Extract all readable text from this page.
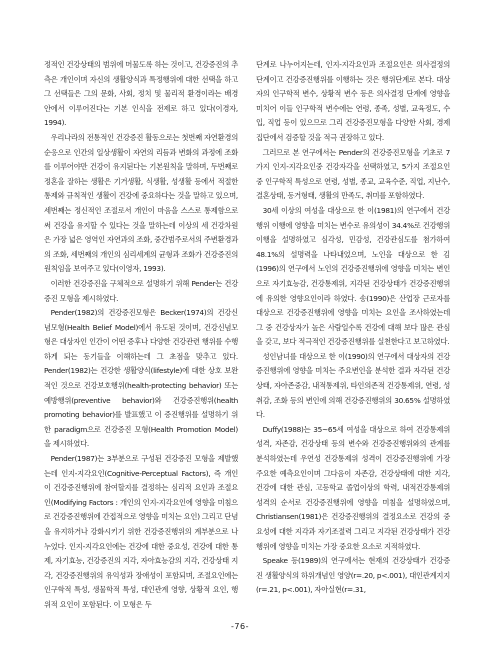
정적인 건강상태의 범위에 머물도록 하는 것이고, 건강증진의 추측은 개인이며 자신의 생활양식과 특정행위에 대한 선택을 하고 그 선택들은 그의 문화, 사회, 정치 및 물리적 환경이라는 배경 안에서 이루어진다는 기본 인식을 전제로 하고 있다(이경자, 1994).

우리나라의 전통적인 건강증진 활동으로는 첫번째 자연환경의 순응으로 인간의 일상생활이 자연의 리듬과 변화의 과정에 조화를 이루어야만 건강이 유지된다는 기본원칙을 말하며, 두번째로 정혼을 잘하는 생활은 기거생활, 식생활, 성생활 등에서 적절한 통제와 규칙적인 생활이 건강에 중요하다는 것을 말하고 있으며, 세번째는 정신적인 조절로서 개인이 마음을 스스로 통제함으로써 건강을 유지할 수 있다는 것을 말하는데 이상의 세 건강차원은 가장 넓은 영역인 자연과의 조화, 중간범주로서의 주변환경과의 조화, 세번째의 개인의 심리세계의 균형과 조화가 건강증진의 원칙임을 보여주고 있다(이영자, 1993).

이러한 건강증진을 구체적으로 설명하기 위해 Pender는 건강증진 모형을 제시하였다.

Pender(1982)의 건강증진모형은 Becker(1974)의 건강신념모형(Health Belief Model)에서 유도된 것이며, 건강신념모형은 대상자인 인간이 어떤 증후나 다양한 건강관련 행위를 수행하게 되는 동기들을 이해하는데 그 초점을 맞추고 있다. Pender(1982)는 건강한 생활양식(lifestyle)에 대한 상호 보완적인 것으로 건강보호행위(health-protecting behavior) 또는 예방행위(preventive behavior)와 건강증진행위(health promoting behavior)를 발표했고 이 증진행위를 설명하기 위한 paradigm으로 건강증진 모형(Health Promotion Model)을 제시하였다.

Pender(1987)는 3부분으로 구성된 건강증진 모형을 제발했는데 인지-지각요인(Cognitive-Perceptual Factors), 즉 개인이 건강증진행위에 참여할지를 결정하는 심리적 요인과 조절요인(Modifying Factors : 개인의 인지-지각요인에 영향을 미침으로 건강증진행위에 간접적으로 영향을 미치는 요인) 그리고 단념을 유지하거나 강화시키기 위한 건강증진행위의 계부분으로 나누었다. 인지-지각요인에는 건강에 대한 중요성, 건강에 대한 통제, 자기효능, 건강증진의 지각, 자아효능감의 지각, 건강상태 지각, 건강증진행위의 유익성과 장애성이 포함되며, 조절요인에는 인구학적 특성, 생물학적 특성, 대인관계 영향, 상황적 요인, 행위적 요인이 포함된다. 이 모형은 두

단계로 나누어지는데, 인지-지각요인과 조절요인은 의사결정의 단계이고 건강증진행위를 이행하는 것은 행위단계로 본다. 대상자의 인구학적 변수, 상황적 변수 등은 의사결정 단계에 영향을 미치어 이들 인구학적 변수에는 연령, 종족, 성별, 교육정도, 수입, 직업 등이 있으므로 그리 건강증진모형을 다양한 사회, 경제 집단에서 검증할 것을 적극 권장하고 있다.

그러므로 본 연구에서는 Pender의 건강증진모형을 기초로 7가지 인지-지각요인중 건강자각을 선택하였고, 5가지 조절요인중 인구학적 특성으로 연령, 성별, 종교, 교육수준, 직업, 지난수, 결혼상태, 동거형태, 생활의 만족도, 취미를 포함하였다.

30세 이상의 여성을 대상으로 한 이(1981)의 연구에서 건강행위 이행에 영향을 미치는 변수로 유의성이 34.4%로 건강행위 이행을 설명하였고 심각성, 민감성, 건강관심도를 첨가하여 48.1%의 설명력을 나타내었으며, 노인을 대상으로 한 김(1996)의 연구에서 노인의 건강증진행위에 영향을 미치는 변인으로 자기효능감, 건강통제위, 지각된 건강상태가 건강증진행위에 유의한 영향요인이라 하였다. 송(1990)은 산업장 근로자를 대상으로 건강증진행위에 영향을 미치는 요인을 조사하였는데 그 중 건강상자가 높은 사람일수록 건강에 대해 보다 많은 관심을 갖고, 보다 적극적인 건강증진행위를 실천한다고 보고하였다.

성인남녀를 대상으로 한 이(1990)의 연구에서 대상자의 건강증진행위에 영향을 미치는 주요변인을 분석한 결과 자각된 건강상태, 자아존중감, 내적통제위, 타인의존적 건강통제위, 연령, 성취감, 조화 등의 변인에 의해 건강증진행위의 30.65% 설명하였다.

Duffy(1988)는 35~65세 여성을 대상으로 하여 건강통제위 성격, 자존감, 건강상태 등의 변수와 건강증진행위와의 관계를 분석하였는데 우연성 건강통제위 성격이 건강증진행위에 가장 주요한 예측요인이며 그다음이 자존감, 건강상태에 대한 지각, 건강에 대한 관심, 고등학교 졸업이상의 학력, 내적건강통제위 성격의 순서로 건강증진행위에 영향을 미침을 설명하였으며, Christiansen(1981)은 건강증진행위의 결정요소로 건강의 중요성에 대한 지각과 자기조절력 그리고 지각된 건강상태가 건강행위에 영향을 미치는 가장 중요한 요소로 지적하였다.

Speake 등(1989)의 연구에서는 현재의 건강상태가 건강증진 생활양식의 하위개념인 영양(r=.20, p<.001), 대인관계지지(r=.21, p<.001), 자아실현(r=.31,

-76-
